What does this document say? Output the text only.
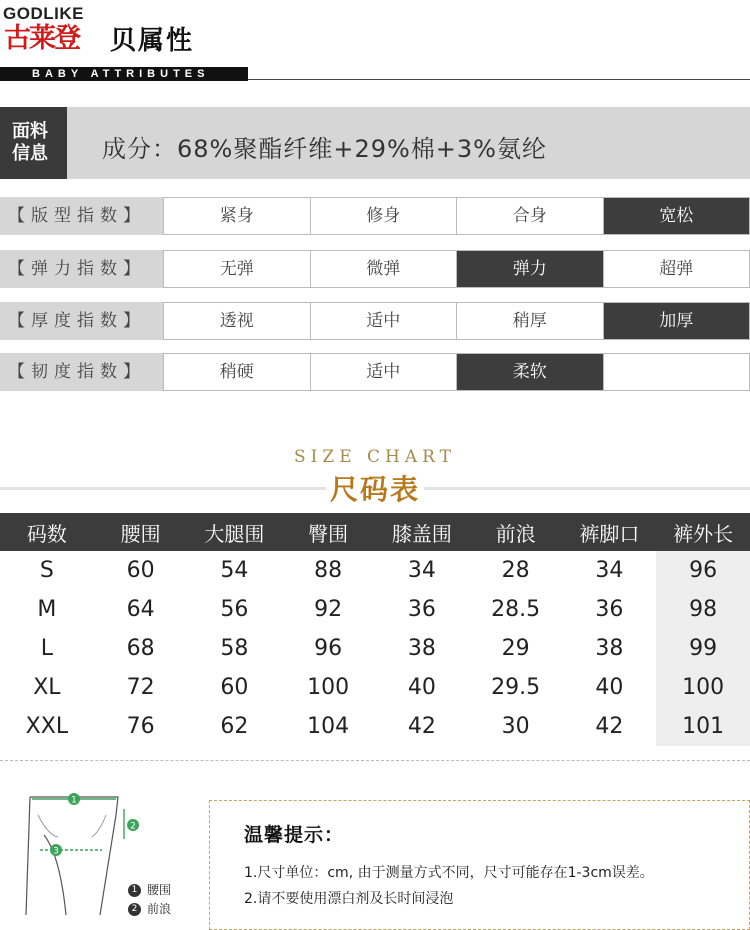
GODLIKE
古莱登 贝属性
BABY ATTRIBUTES
面料
信息	成分：68%聚酯纤维+29%棉+3%氨纶
【版型指数】	紧身	修身	合身	宽松
【弹力指数】	无弹	微弹	弹力	超弹
【厚度指数】	透视	适中	稍厚	加厚
【韧度指数】	稍硬	适中	柔软
SIZE CHART
尺码表
码数	腰围	大腿围	臀围	膝盖围	前浪	裤脚口	裤外长
S	60	54	88	34	28	34	96
M	64	56	92	36	28.5	36	98
L	68	58	96	38	29	38	99
XL	72	60	100	40	29.5	40	100
XXL	76	62	104	42	30	42	101
1
2
3
1 腰围
2 前浪
温馨提示：
1.尺寸单位：cm, 由于测量方式不同，尺寸可能存在1-3cm误差。
2.请不要使用漂白剂及长时间浸泡
